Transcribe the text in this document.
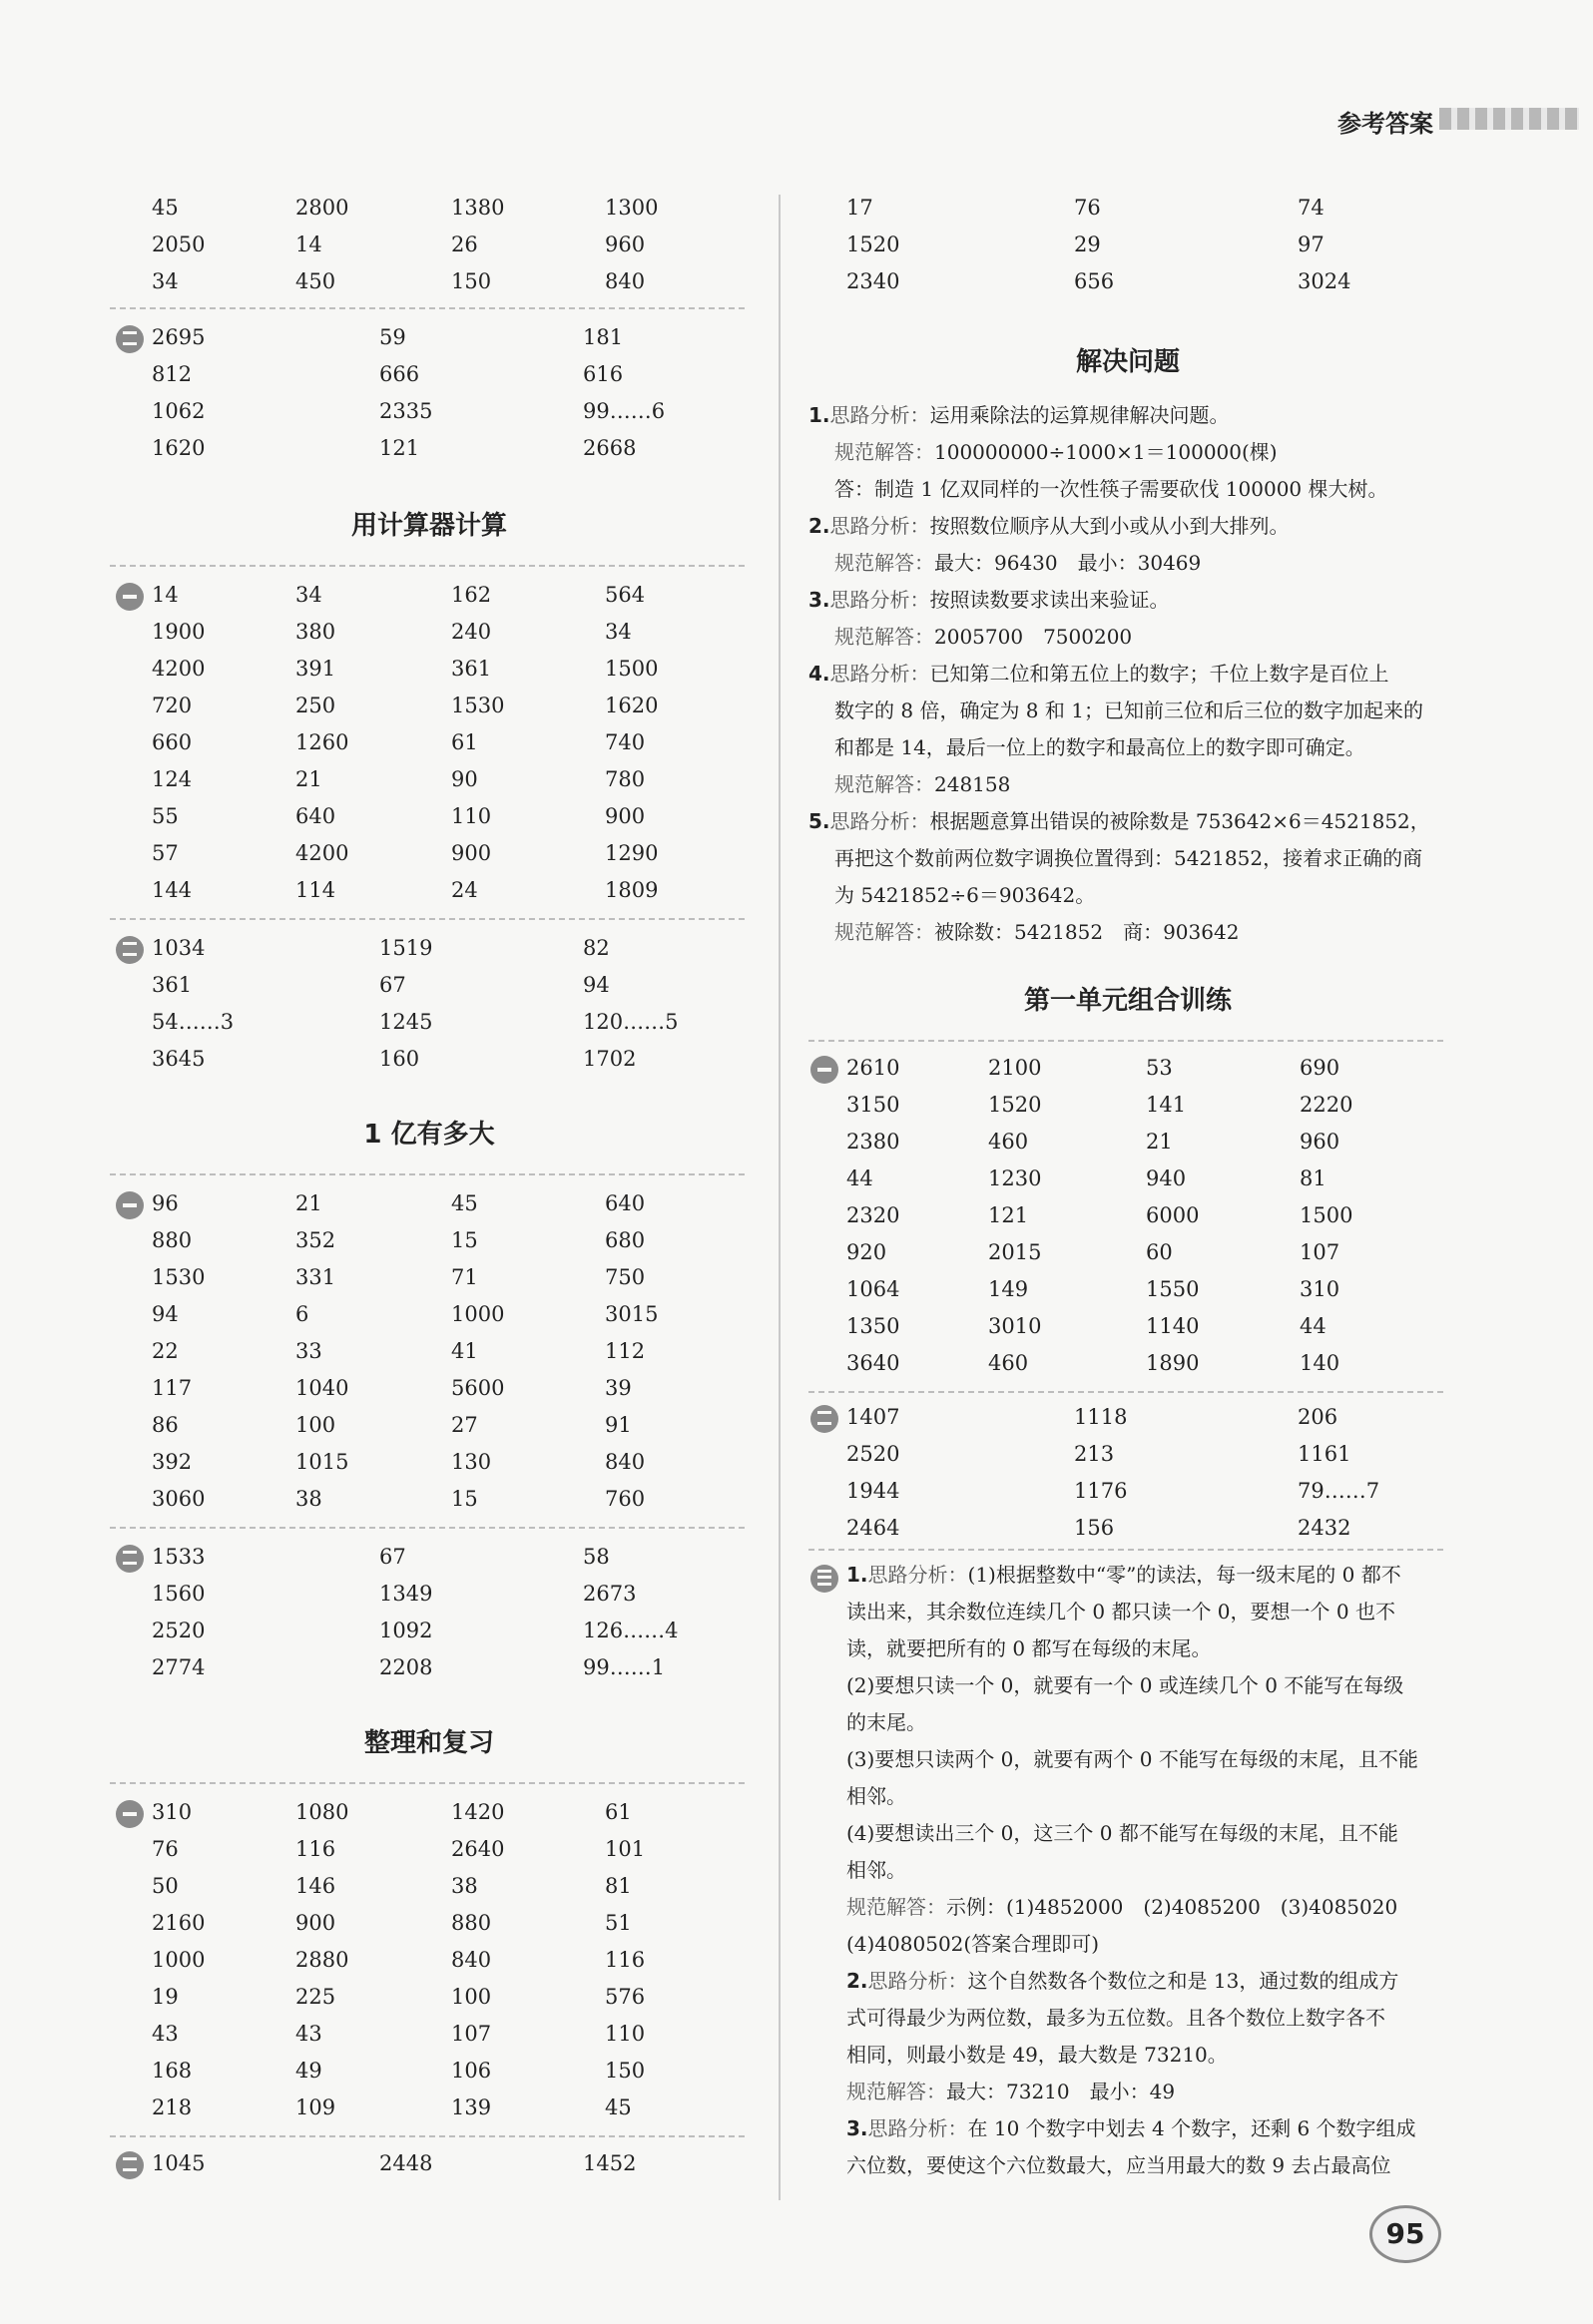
参考答案
45	2800	1380	1300
2050	14	26	960
34	450	150	840
2695	59	181
812	666	616
1062	2335	99……6
1620	121	2668
用计算器计算
14	34	162	564
1900	380	240	34
4200	391	361	1500
720	250	1530	1620
660	1260	61	740
124	21	90	780
55	640	110	900
57	4200	900	1290
144	114	24	1809
1034	1519	82
361	67	94
54……3	1245	120……5
3645	160	1702
1 亿有多大
96	21	45	640
880	352	15	680
1530	331	71	750
94	6	1000	3015
22	33	41	112
117	1040	5600	39
86	100	27	91
392	1015	130	840
3060	38	15	760
1533	67	58
1560	1349	2673
2520	1092	126……4
2774	2208	99……1
整理和复习
310	1080	1420	61
76	116	2640	101
50	146	38	81
2160	900	880	51
1000	2880	840	116
19	225	100	576
43	43	107	110
168	49	106	150
218	109	139	45
1045	2448	1452
17	76	74
1520	29	97
2340	656	3024
解决问题
1.思路分析：运用乘除法的运算规律解决问题。
规范解答：100000000÷1000×1＝100000(棵)
答：制造 1 亿双同样的一次性筷子需要砍伐 100000 棵大树。
2.思路分析：按照数位顺序从大到小或从小到大排列。
规范解答：最大：96430　最小：30469
3.思路分析：按照读数要求读出来验证。
规范解答：2005700　7500200
4.思路分析：已知第二位和第五位上的数字；千位上数字是百位上
数字的 8 倍，确定为 8 和 1；已知前三位和后三位的数字加起来的
和都是 14，最后一位上的数字和最高位上的数字即可确定。
规范解答：248158
5.思路分析：根据题意算出错误的被除数是 753642×6＝4521852，
再把这个数前两位数字调换位置得到：5421852，接着求正确的商
为 5421852÷6＝903642。
规范解答：被除数：5421852　商：903642
第一单元组合训练
2610	2100	53	690
3150	1520	141	2220
2380	460	21	960
44	1230	940	81
2320	121	6000	1500
920	2015	60	107
1064	149	1550	310
1350	3010	1140	44
3640	460	1890	140
1407	1118	206
2520	213	1161
1944	1176	79……7
2464	156	2432
1.思路分析：(1)根据整数中“零”的读法，每一级末尾的 0 都不
读出来，其余数位连续几个 0 都只读一个 0，要想一个 0 也不
读，就要把所有的 0 都写在每级的末尾。
(2)要想只读一个 0，就要有一个 0 或连续几个 0 不能写在每级
的末尾。
(3)要想只读两个 0，就要有两个 0 不能写在每级的末尾，且不能
相邻。
(4)要想读出三个 0，这三个 0 都不能写在每级的末尾，且不能
相邻。
规范解答：示例：(1)4852000　(2)4085200　(3)4085020
(4)4080502(答案合理即可)
2.思路分析：这个自然数各个数位之和是 13，通过数的组成方
式可得最少为两位数，最多为五位数。且各个数位上数字各不
相同，则最小数是 49，最大数是 73210。
规范解答：最大：73210　最小：49
3.思路分析：在 10 个数字中划去 4 个数字，还剩 6 个数字组成
六位数，要使这个六位数最大，应当用最大的数 9 去占最高位
95
